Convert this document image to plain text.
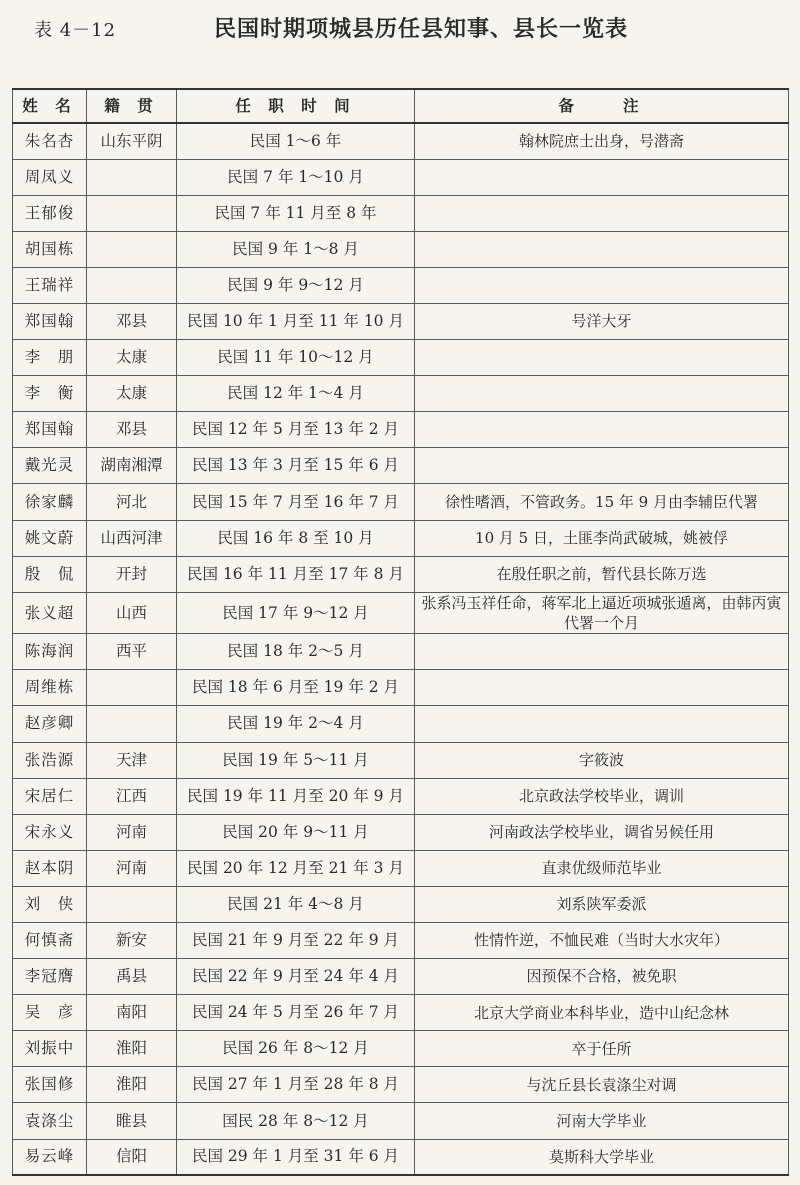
表 4－12	民国时期项城县历任县知事、县长一览表
姓 名	籍 贯	任 职 时 间	备　　注
朱名杏	山东平阴	民国 1～6 年	翰林院庶士出身，号潜斋
周凤义		民国 7 年 1～10 月	
王郁俊		民国 7 年 11 月至 8 年	
胡国栋		民国 9 年 1～8 月	
王瑞祥		民国 9 年 9～12 月	
郑国翰	邓县	民国 10 年 1 月至 11 年 10 月	号洋大牙
李　朋	太康	民国 11 年 10～12 月	
李　衡	太康	民国 12 年 1～4 月	
郑国翰	邓县	民国 12 年 5 月至 13 年 2 月	
戴光灵	湖南湘潭	民国 13 年 3 月至 15 年 6 月	
徐家麟	河北	民国 15 年 7 月至 16 年 7 月	徐性嗜酒，不管政务。15 年 9 月由李辅臣代署
姚文蔚	山西河津	民国 16 年 8 至 10 月	10 月 5 日，土匪李尚武破城，姚被俘
殷　侃	开封	民国 16 年 11 月至 17 年 8 月	在殷任职之前，暂代县长陈万选
张义超	山西	民国 17 年 9～12 月	张系冯玉祥任命，蒋军北上逼近项城张遁离，由韩丙寅代署一个月
陈海润	西平	民国 18 年 2～5 月	
周维栋		民国 18 年 6 月至 19 年 2 月	
赵彦卿		民国 19 年 2～4 月	
张浩源	天津	民国 19 年 5～11 月	字筱波
宋居仁	江西	民国 19 年 11 月至 20 年 9 月	北京政法学校毕业，调训
宋永义	河南	民国 20 年 9～11 月	河南政法学校毕业，调省另候任用
赵本阴	河南	民国 20 年 12 月至 21 年 3 月	直隶优级师范毕业
刘　侠		民国 21 年 4～8 月	刘系陕军委派
何慎斋	新安	民国 21 年 9 月至 22 年 9 月	性情忤逆，不恤民难（当时大水灾年）
李冠膺	禹县	民国 22 年 9 月至 24 年 4 月	因预保不合格，被免职
吴　彦	南阳	民国 24 年 5 月至 26 年 7 月	北京大学商业本科毕业，造中山纪念林
刘振中	淮阳	民国 26 年 8～12 月	卒于任所
张国修	淮阳	民国 27 年 1 月至 28 年 8 月	与沈丘县长袁涤尘对调
袁涤尘	睢县	国民 28 年 8～12 月	河南大学毕业
易云峰	信阳	民国 29 年 1 月至 31 年 6 月	莫斯科大学毕业
